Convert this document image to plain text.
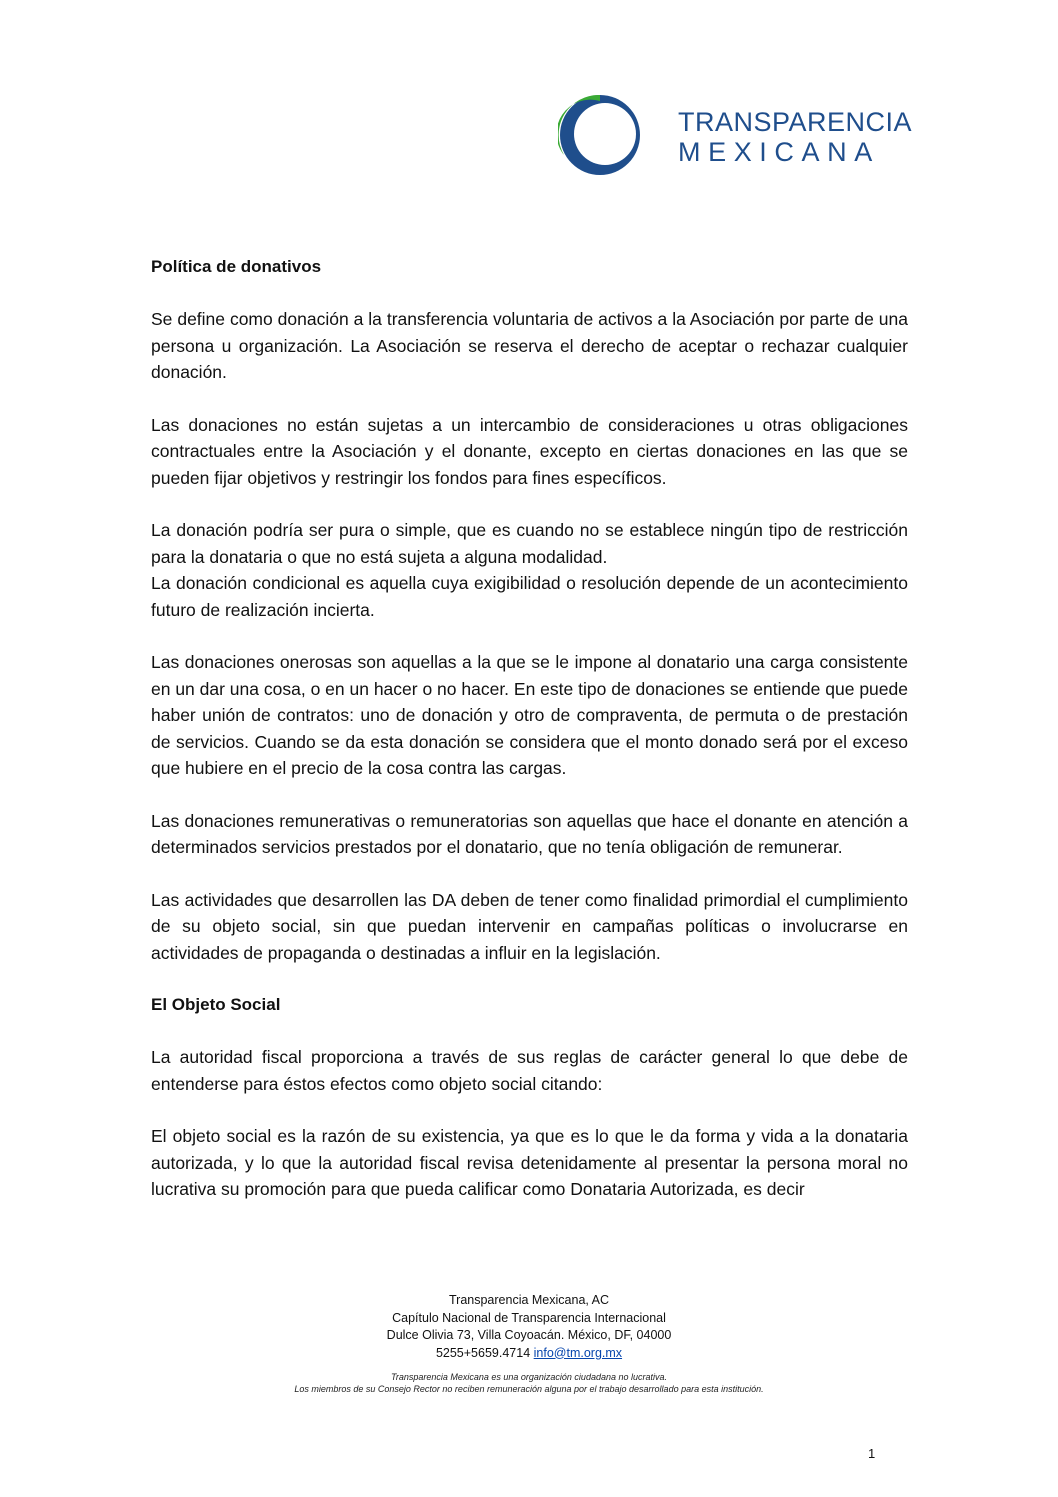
TRANSPARENCIA
MEXICANA

Política de donativos

Se define como donación a la transferencia voluntaria de activos a la Asociación por parte de una persona u organización. La Asociación se reserva el derecho de aceptar o rechazar cualquier donación.

Las donaciones no están sujetas a un intercambio de consideraciones u otras obligaciones contractuales entre la Asociación y el donante, excepto en ciertas donaciones en las que se pueden fijar objetivos y restringir los fondos para fines específicos.

La donación podría ser pura o simple, que es cuando no se establece ningún tipo de restricción para la donataria o que no está sujeta a alguna modalidad.

La donación condicional es aquella cuya exigibilidad o resolución depende de un acontecimiento futuro de realización incierta.

Las donaciones onerosas son aquellas a la que se le impone al donatario una carga consistente en un dar una cosa, o en un hacer o no hacer. En este tipo de donaciones se entiende que puede haber unión de contratos: uno de donación y otro de compraventa, de permuta o de prestación de servicios. Cuando se da esta donación se considera que el monto donado será por el exceso que hubiere en el precio de la cosa contra las cargas.

Las donaciones remunerativas o remuneratorias son aquellas que hace el donante en atención a determinados servicios prestados por el donatario, que no tenía obligación de remunerar.

Las actividades que desarrollen las DA deben de tener como finalidad primordial el cumplimiento de su objeto social, sin que puedan intervenir en campañas políticas o involucrarse en actividades de propaganda o destinadas a influir en la legislación.

El Objeto Social

La autoridad fiscal proporciona a través de sus reglas de carácter general lo que debe de entenderse para éstos efectos como objeto social citando:

El objeto social es la razón de su existencia, ya que es lo que le da forma y vida a la donataria autorizada, y lo que la autoridad fiscal revisa detenidamente al presentar la persona moral no lucrativa su promoción para que pueda calificar como Donataria Autorizada, es decir

Transparencia Mexicana, AC
Capítulo Nacional de Transparencia Internacional
Dulce Olivia 73, Villa Coyoacán. México, DF, 04000
5255+5659.4714 info@tm.org.mx
Transparencia Mexicana es una organización ciudadana no lucrativa.
Los miembros de su Consejo Rector no reciben remuneración alguna por el trabajo desarrollado para esta institución.
1
